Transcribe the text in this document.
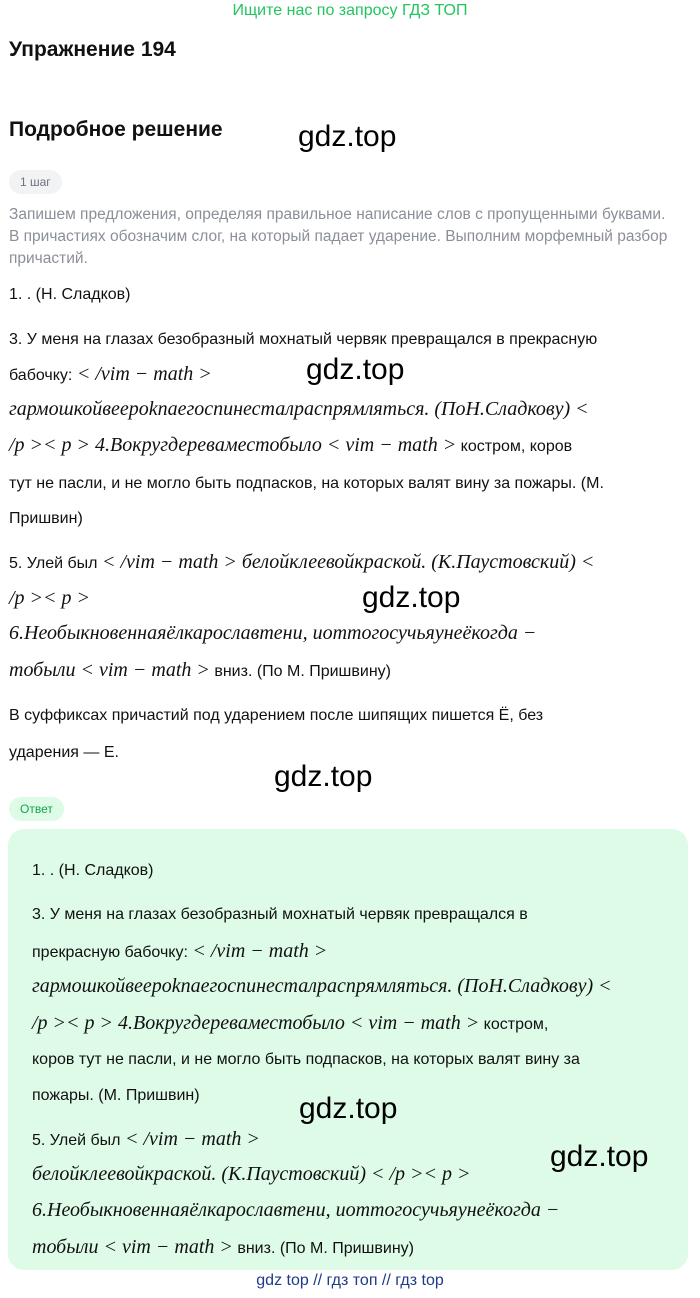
Ищите нас по запросу ГДЗ ТОП
Упражнение 194
Подробное решение
1 шаг
Запишем предложения, определяя правильное написание слов с пропущенными буквами. В причастиях обозначим слог, на который падает ударение. Выполним морфемный разбор причастий.
1. . (Н. Сладков)
3. У меня на глазах безобразный мохнатый червяк превращался в прекрасную
бабочку: < /vim − math >
гармошкойвеероknaегоспинесталраспрямляться. (ПоН.Сладкову) <
/p >< p > 4.Вокругдеревaместобыло < vim − math > костром, коров
тут не пасли, и не могло быть подпасков, на которых валят вину за пожары. (М.
Пришвин)
5. Улей был < /vim − math > белойклеевойкраской. (К.Паустовский) <
/p >< p >
6.Необыкновеннаяёлкарославтени, иоттогосучьяунеёкогда −
тобыли < vim − math > вниз. (По М. Пришвину)
В суффиксах причастий под ударением после шипящих пишется Ё, без
ударения — Е.
Ответ
1. . (Н. Сладков)
3. У меня на глазах безобразный мохнатый червяк превращался в
прекрасную бабочку: < /vim − math >
гармошкойвеероknaегоспинесталраспрямляться. (ПоН.Сладкову) <
/p >< p > 4.Вокругдеревaместобыло < vim − math > костром,
коров тут не пасли, и не могло быть подпасков, на которых валят вину за
пожары. (М. Пришвин)
5. Улей был < /vim − math >
белойклеевойкраской. (К.Паустовский) < /p >< p >
6.Необыкновеннаяёлкарославтени, иоттогосучьяунеёкогда −
тобыли < vim − math > вниз. (По М. Пришвину)
gdz.top
gdz.top
gdz.top
gdz.top
gdz.top
gdz.top
gdz top // гдз топ // гдз top
